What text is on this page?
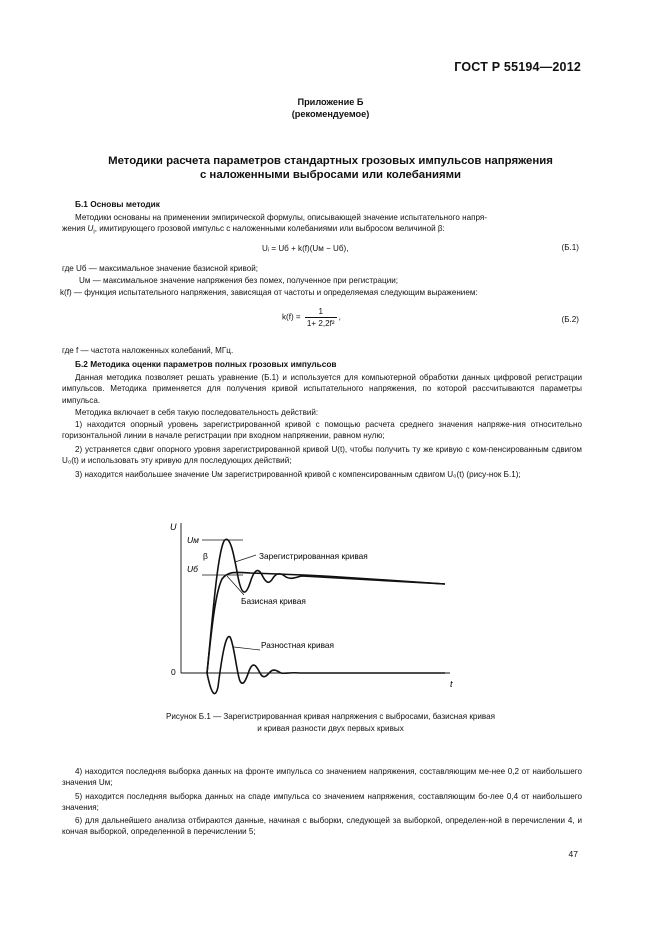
ГОСТ Р 55194—2012
Приложение Б
(рекомендуемое)
Методики расчета параметров стандартных грозовых импульсов напряжения
с наложенными выбросами или колебаниями
Б.1 Основы методик
Методики основаны на применении эмпирической формулы, описывающей значение испытательного напря-
жения $U_i$, имитирующего грозовой импульс с наложенными колебаниями или выбросом величиной β:
Uᵢ = Uб + k(f)(Uм − Uб),	(Б.1)
где Uб — максимальное значение базисной кривой;
Uм — максимальное значение напряжения без помех, полученное при регистрации;
k(f) — функция испытательного напряжения, зависящая от частоты и определяемая следующим выражением:
$k(f) = \frac{1}{\text{1+ 2,2f²}}$ ,	(Б.2)
где f — частота наложенных колебаний, МГц.
Б.2 Методика оценки параметров полных грозовых импульсов
Данная методика позволяет решать уравнение (Б.1) и используется для компьютерной обработки данных цифровой регистрации импульсов. Методика применяется для получения кривой испытательного напряжения, по которой рассчитываются параметры импульса.
Методика включает в себя такую последовательность действий:
1) находится опорный уровень зарегистрированной кривой с помощью расчета среднего значения напряже-ния относительно горизонтальной линии в начале регистрации при входном напряжении, равном нулю;
2) устраняется сдвиг опорного уровня зарегистрированной кривой U(t), чтобы получить ту же кривую с ком-пенсированным сдвигом U₀(t) и использовать эту кривую для последующих действий;
3) находится наибольшее значение Uм зарегистрированной кривой с компенсированным сдвигом U₀(t) (рису-нок Б.1);
U
t
0
Uм
β
Uб
Зарегистрированная кривая
Базисная кривая
Разностная кривая
Рисунок Б.1 — Зарегистрированная кривая напряжения с выбросами, базисная кривая
и кривая разности двух первых кривых
4) находится последняя выборка данных на фронте импульса со значением напряжения, составляющим ме-нее 0,2 от наибольшего значения Uм;
5) находится последняя выборка данных на спаде импульса со значением напряжения, составляющим бо-лее 0,4 от наибольшего значения;
6) для дальнейшего анализа отбираются данные, начиная с выборки, следующей за выборкой, определен-ной в перечислении 4, и кончая выборкой, определенной в перечислении 5;
47
